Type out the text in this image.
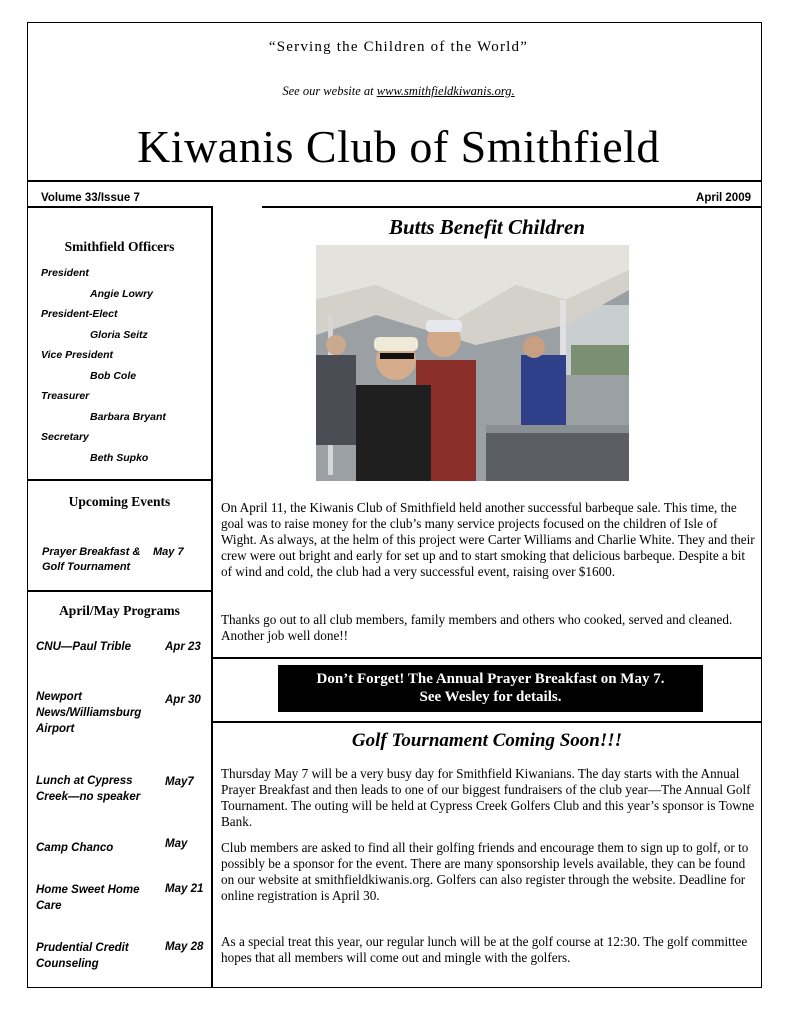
“Serving the Children of the World”
See our website at www.smithfieldkiwanis.org.
Kiwanis Club of Smithfield
Volume 33/Issue 7	April 2009
Smithfield Officers
President
Angie Lowry
President-Elect
Gloria Seitz
Vice President
Bob Cole
Treasurer
Barbara Bryant
Secretary
Beth Supko
Upcoming Events
Prayer Breakfast &
Golf Tournament
May 7
April/May Programs
CNU—Paul Trible	Apr 23
Newport News/Williamsburg Airport
Apr 30
Lunch at Cypress Creek—no speaker
May7
Camp Chanco	May
Home Sweet Home Care
May 21
Prudential Credit Counseling
May 28
Butts Benefit Children
On April 11, the Kiwanis Club of Smithfield held another successful barbeque sale. This time, the goal was to raise money for the club’s many service projects focused on the children of Isle of Wight. As always, at the helm of this project were Carter Williams and Charlie White. They and their crew were out bright and early for set up and to start smoking that delicious barbeque. Despite a bit of wind and cold, the club had a very successful event, raising over $1600.
Thanks go out to all club members, family members and others who cooked, served and cleaned. Another job well done!!
Don’t Forget! The Annual Prayer Breakfast on May 7.
See Wesley for details.
Golf Tournament Coming Soon!!!
Thursday May 7 will be a very busy day for Smithfield Kiwanians. The day starts with the Annual Prayer Breakfast and then leads to one of our biggest fundraisers of the club year—The Annual Golf Tournament. The outing will be held at Cypress Creek Golfers Club and this year’s sponsor is Towne Bank.
Club members are asked to find all their golfing friends and encourage them to sign up to golf, or to possibly be a sponsor for the event. There are many sponsorship levels available, they can be found on our website at smithfieldkiwanis.org. Golfers can also register through the website. Deadline for online registration is April 30.
As a special treat this year, our regular lunch will be at the golf course at 12:30. The golf committee hopes that all members will come out and mingle with the golfers.
